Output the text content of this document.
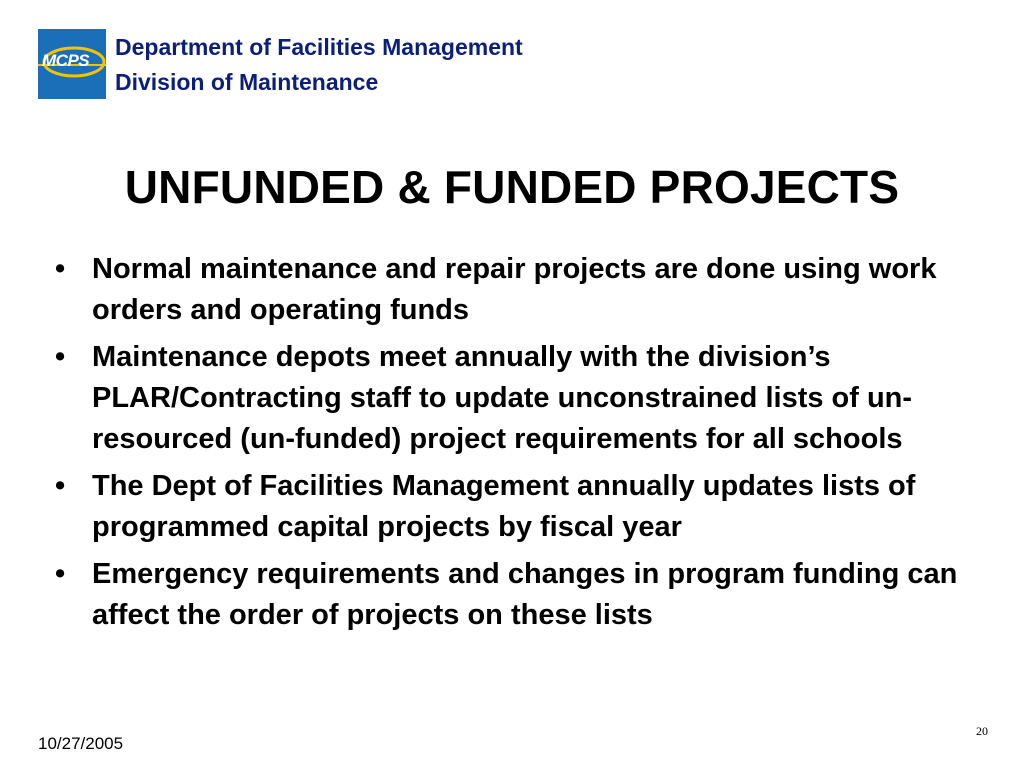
MCPS
Department of Facilities Management
Division of Maintenance
UNFUNDED & FUNDED PROJECTS
• Normal maintenance and repair projects are done using work orders and operating funds
• Maintenance depots meet annually with the division’s PLAR/Contracting staff to update unconstrained lists of un-resourced (un-funded) project requirements for all schools
• The Dept of Facilities Management annually updates lists of programmed capital projects by fiscal year
• Emergency requirements and changes in program funding can affect the order of projects on these lists
10/27/2005
20
